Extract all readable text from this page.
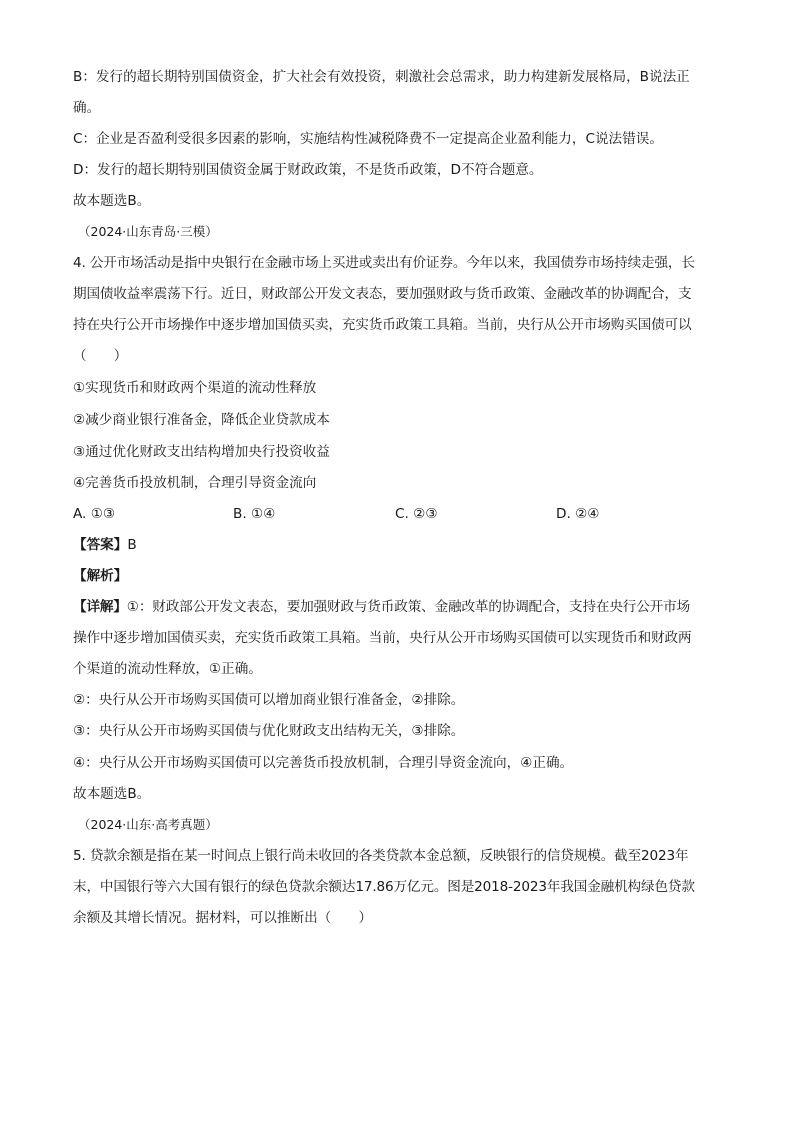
B：发行的超长期特别国债资金，扩大社会有效投资，刺激社会总需求，助力构建新发展格局，B说法正
确。
C：企业是否盈利受很多因素的影响，实施结构性减税降费不一定提高企业盈利能力，C说法错误。
D：发行的超长期特别国债资金属于财政政策，不是货币政策，D不符合题意。
故本题选B。
（2024·山东青岛·三模）
4. 公开市场活动是指中央银行在金融市场上买进或卖出有价证券。今年以来，我国债券市场持续走强，长
期国债收益率震荡下行。近日，财政部公开发文表态，要加强财政与货币政策、金融改革的协调配合，支
持在央行公开市场操作中逐步增加国债买卖，充实货币政策工具箱。当前，央行从公开市场购买国债可以
（　　）
①实现货币和财政两个渠道的流动性释放
②减少商业银行准备金，降低企业贷款成本
③通过优化财政支出结构增加央行投资收益
④完善货币投放机制，合理引导资金流向
A. ①③	B. ①④	C. ②③	D. ②④
【答案】B
【解析】
【详解】①：财政部公开发文表态，要加强财政与货币政策、金融改革的协调配合，支持在央行公开市场
操作中逐步增加国债买卖，充实货币政策工具箱。当前，央行从公开市场购买国债可以实现货币和财政两
个渠道的流动性释放，①正确。
②：央行从公开市场购买国债可以增加商业银行准备金，②排除。
③：央行从公开市场购买国债与优化财政支出结构无关，③排除。
④：央行从公开市场购买国债可以完善货币投放机制，合理引导资金流向，④正确。
故本题选B。
（2024·山东·高考真题）
5. 贷款余额是指在某一时间点上银行尚未收回的各类贷款本金总额，反映银行的信贷规模。截至2023年
末，中国银行等六大国有银行的绿色贷款余额达17.86万亿元。图是2018-2023年我国金融机构绿色贷款
余额及其增长情况。据材料，可以推断出（　　）
